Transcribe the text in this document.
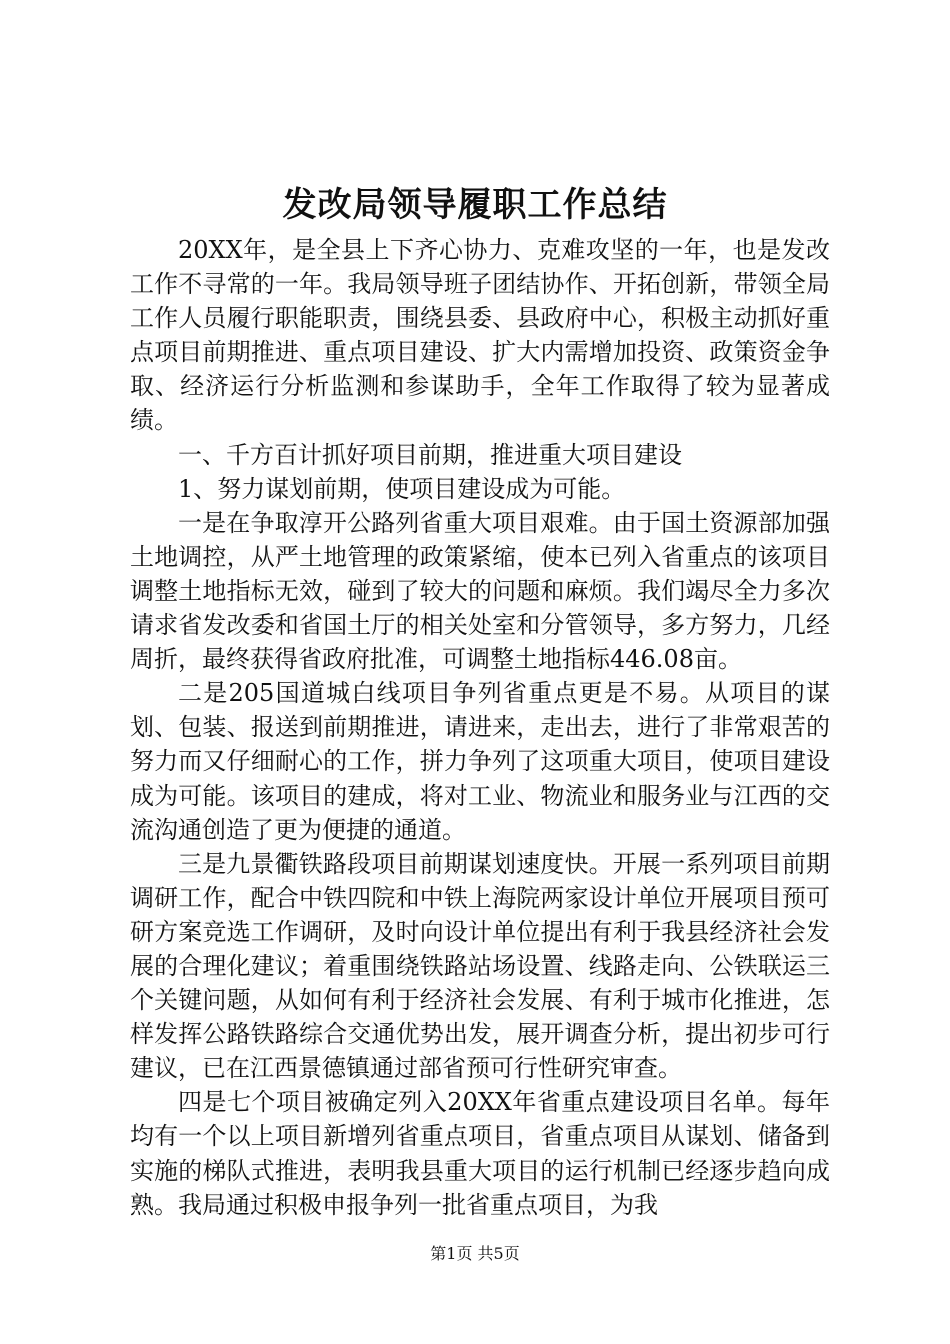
发改局领导履职工作总结

20XX年，是全县上下齐心协力、克难攻坚的一年，也是发改工作不寻常的一年。我局领导班子团结协作、开拓创新，带领全局工作人员履行职能职责，围绕县委、县政府中心，积极主动抓好重点项目前期推进、重点项目建设、扩大内需增加投资、政策资金争取、经济运行分析监测和参谋助手，全年工作取得了较为显著成绩。

一、千方百计抓好项目前期，推进重大项目建设

1、努力谋划前期，使项目建设成为可能。

一是在争取淳开公路列省重大项目艰难。由于国土资源部加强土地调控，从严土地管理的政策紧缩，使本已列入省重点的该项目调整土地指标无效，碰到了较大的问题和麻烦。我们竭尽全力多次请求省发改委和省国土厅的相关处室和分管领导，多方努力，几经周折，最终获得省政府批准，可调整土地指标446.08亩。

二是205国道城白线项目争列省重点更是不易。从项目的谋划、包装、报送到前期推进，请进来，走出去，进行了非常艰苦的努力而又仔细耐心的工作，拼力争列了这项重大项目，使项目建设成为可能。该项目的建成，将对工业、物流业和服务业与江西的交流沟通创造了更为便捷的通道。

三是九景衢铁路段项目前期谋划速度快。开展一系列项目前期调研工作，配合中铁四院和中铁上海院两家设计单位开展项目预可研方案竞选工作调研，及时向设计单位提出有利于我县经济社会发展的合理化建议；着重围绕铁路站场设置、线路走向、公铁联运三个关键问题，从如何有利于经济社会发展、有利于城市化推进，怎样发挥公路铁路综合交通优势出发，展开调查分析，提出初步可行建议，已在江西景德镇通过部省预可行性研究审查。

四是七个项目被确定列入20XX年省重点建设项目名单。每年均有一个以上项目新增列省重点项目，省重点项目从谋划、储备到实施的梯队式推进，表明我县重大项目的运行机制已经逐步趋向成熟。我局通过积极申报争列一批省重点项目，为我

第1页 共5页
